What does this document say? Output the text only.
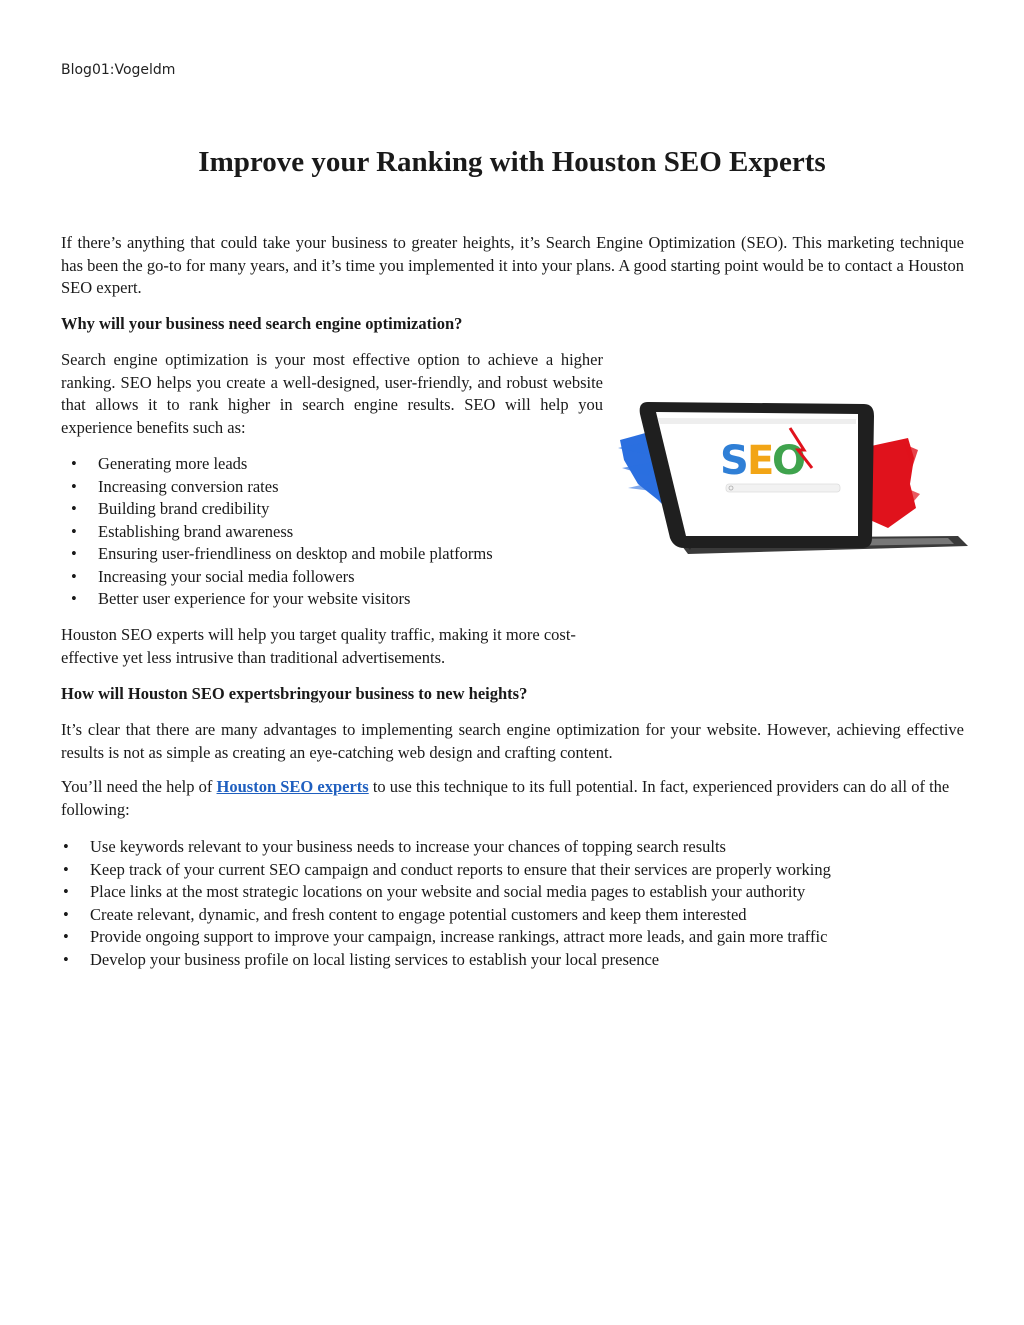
Blog01:Vogeldm
Improve your Ranking with Houston SEO Experts

If there’s anything that could take your business to greater heights, it’s Search Engine Optimization (SEO). This marketing technique has been the go-to for many years, and it’s time you implemented it into your plans. A good starting point would be to contact a Houston SEO expert.

Why will your business need search engine optimization?

Search engine optimization is your most effective option to achieve a higher ranking. SEO helps you create a well-designed, user-friendly, and robust website that allows it to rank higher in search engine results. SEO will help you experience benefits such as:

• Generating more leads
• Increasing conversion rates
• Building brand credibility
• Establishing brand awareness
• Ensuring user-friendliness on desktop and mobile platforms
• Increasing your social media followers
• Better user experience for your website visitors

Houston SEO experts will help you target quality traffic, making it more cost-effective yet less intrusive than traditional advertisements.

How will Houston SEO expertsbringyour business to new heights?

It’s clear that there are many advantages to implementing search engine optimization for your website. However, achieving effective results is not as simple as creating an eye-catching web design and crafting content.

You’ll need the help of Houston SEO experts to use this technique to its full potential. In fact, experienced providers can do all of the following:

• Use keywords relevant to your business needs to increase your chances of topping search results
• Keep track of your current SEO campaign and conduct reports to ensure that their services are properly working
• Place links at the most strategic locations on your website and social media pages to establish your authority
• Create relevant, dynamic, and fresh content to engage potential customers and keep them interested
• Provide ongoing support to improve your campaign, increase rankings, attract more leads, and gain more traffic
• Develop your business profile on local listing services to establish your local presence
S
E
O
